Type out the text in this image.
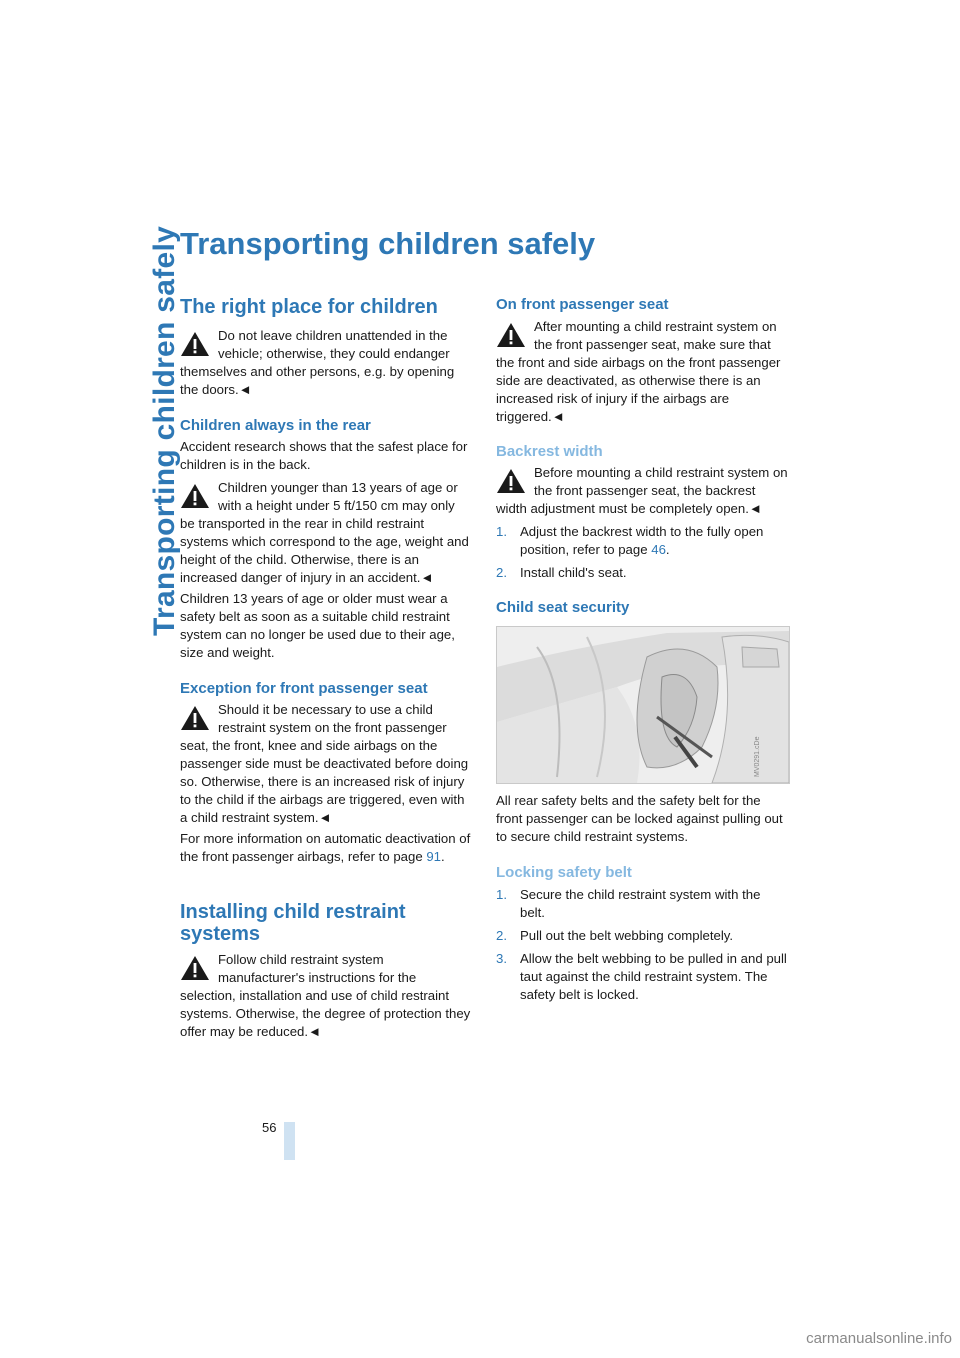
Transporting children safely Transporting children safely
The right place for children
Do not leave children unattended in the vehicle; otherwise, they could endanger themselves and other persons, e.g. by opening the doors.◄
Children always in the rear

Accident research shows that the safest place for children is in the back.

Children younger than 13 years of age or with a height under 5 ft/150 cm may only be transported in the rear in child restraint systems which correspond to the age, weight and height of the child. Otherwise, there is an increased danger of injury in an accident.◄

Children 13 years of age or older must wear a safety belt as soon as a suitable child restraint system can no longer be used due to their age, size and weight.

Exception for front passenger seat
Should it be necessary to use a child restraint system on the front passenger seat, the front, knee and side airbags on the passenger side must be deactivated before doing so. Otherwise, there is an increased risk of injury to the child if the airbags are triggered, even with a child restraint system.◄

For more information on automatic deactivation of the front passenger airbags, refer to page 91.

Installing child restraint systems
Follow child restraint system manufacturer's instructions for the selection, installation and use of child restraint systems. Otherwise, the degree of protection they offer may be reduced.◄
On front passenger seat
After mounting a child restraint system on the front passenger seat, make sure that the front and side airbags on the front passenger side are deactivated, as otherwise there is an increased risk of injury if the airbags are triggered.◄
Backrest width
Before mounting a child restraint system on the front passenger seat, the backrest width adjustment must be completely open.◄
1. Adjust the backrest width to the fully open position, refer to page 46.
2. Install child's seat.
Child seat security
MV0291.cDe

All rear safety belts and the safety belt for the front passenger can be locked against pulling out to secure child restraint systems.

Locking safety belt
1. Secure the child restraint system with the belt.
2. Pull out the belt webbing completely.
3. Allow the belt webbing to be pulled in and pull taut against the child restraint system. The safety belt is locked.
56
carmanualsonline.info
